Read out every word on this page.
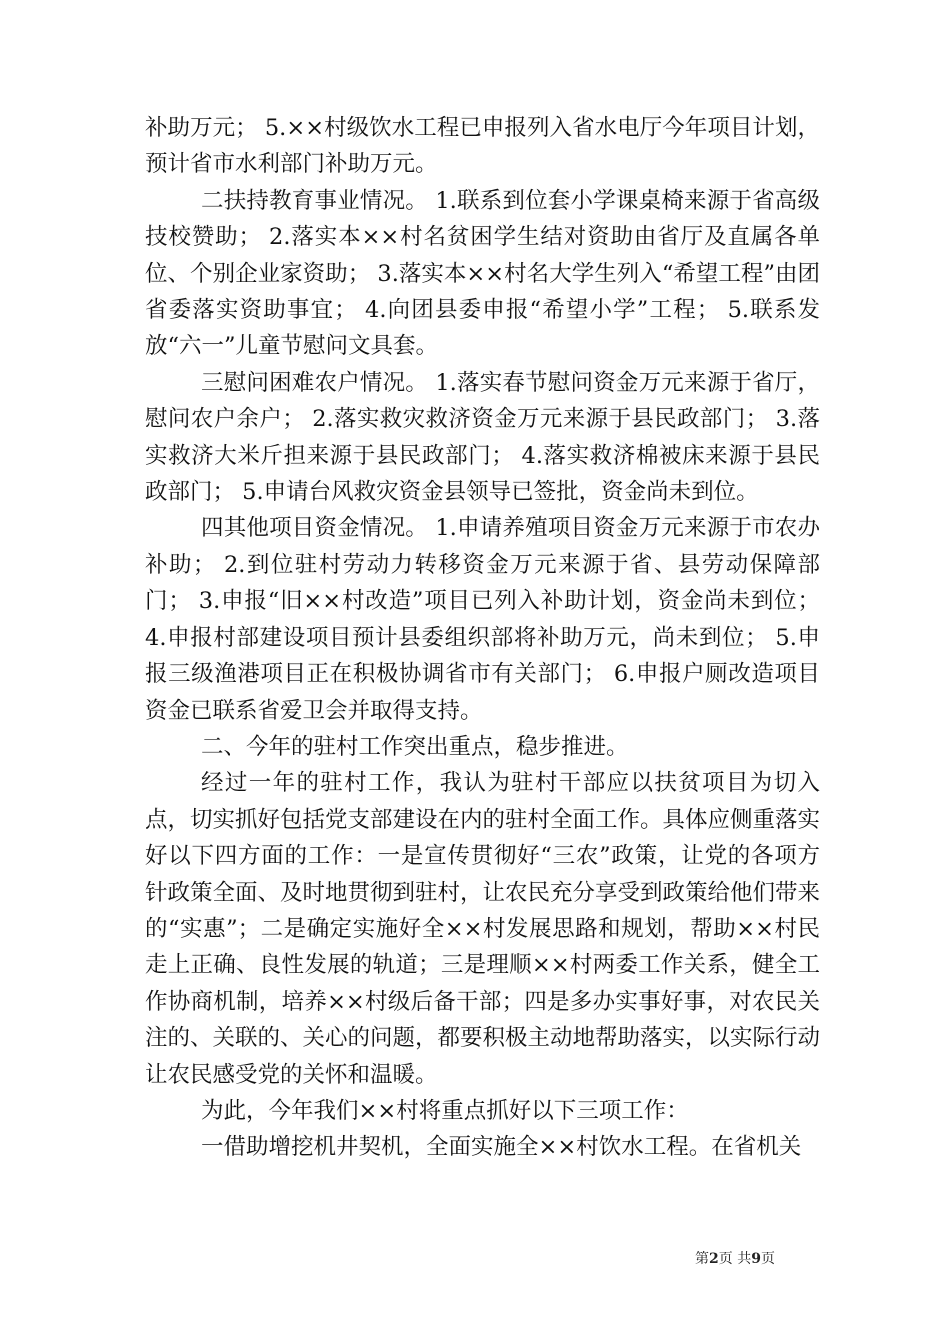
补助万元； 5.××村级饮水工程已申报列入省水电厅今年项目计划，预计省市水利部门补助万元。

二扶持教育事业情况。 1.联系到位套小学课桌椅来源于省高级技校赞助； 2.落实本××村名贫困学生结对资助由省厅及直属各单位、个别企业家资助； 3.落实本××村名大学生列入“希望工程”由团省委落实资助事宜； 4.向团县委申报“希望小学”工程； 5.联系发放“六一”儿童节慰问文具套。

三慰问困难农户情况。 1.落实春节慰问资金万元来源于省厅，慰问农户余户； 2.落实救灾救济资金万元来源于县民政部门； 3.落实救济大米斤担来源于县民政部门； 4.落实救济棉被床来源于县民政部门； 5.申请台风救灾资金县领导已签批，资金尚未到位。

四其他项目资金情况。 1.申请养殖项目资金万元来源于市农办补助； 2.到位驻村劳动力转移资金万元来源于省、县劳动保障部门； 3.申报“旧××村改造”项目已列入补助计划，资金尚未到位； 4.申报村部建设项目预计县委组织部将补助万元，尚未到位； 5.申报三级渔港项目正在积极协调省市有关部门； 6.申报户厕改造项目资金已联系省爱卫会并取得支持。

二、今年的驻村工作突出重点，稳步推进。

经过一年的驻村工作，我认为驻村干部应以扶贫项目为切入点，切实抓好包括党支部建设在内的驻村全面工作。具体应侧重落实好以下四方面的工作：一是宣传贯彻好“三农”政策，让党的各项方针政策全面、及时地贯彻到驻村，让农民充分享受到政策给他们带来的“实惠”；二是确定实施好全××村发展思路和规划，帮助××村民走上正确、良性发展的轨道；三是理顺××村两委工作关系，健全工作协商机制，培养××村级后备干部；四是多办实事好事，对农民关注的、关联的、关心的问题，都要积极主动地帮助落实，以实际行动让农民感受党的关怀和温暖。

为此，今年我们××村将重点抓好以下三项工作：

一借助增挖机井契机，全面实施全××村饮水工程。在省机关

第2页 共9页
